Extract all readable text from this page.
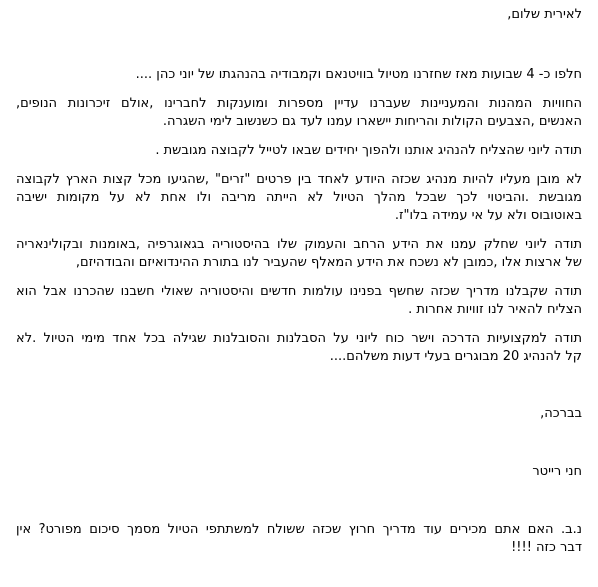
לאירית שלום,
חלפו כ- 4 שבועות מאז שחזרנו מטיול בוויטנאם וקמבודיה בהנהגתו של יוני כהן ....
החוויות המהנות והמעניינות שעברנו עדיין מספרות ומוענקות לחברינו ,אולם זיכרונות הנופים,
האנשים ,הצבעים הקולות והריחות יישארו עמנו לעד גם כשנשוב לימי השגרה.
תודה ליוני שהצליח להנהיג אותנו ולהפוך יחידים שבאו לטייל לקבוצה מגובשת .
לא מובן מעליו להיות מנהיג שכזה היודע לאחד בין פרטים "זרים" ,שהגיעו מכל קצות הארץ לקבוצה
מגובשת .והביטוי לכך שבכל מהלך הטיול לא הייתה מריבה ולו אחת לא על מקומות ישיבה
באוטובוס ולא על אי עמידה בלו"ז.
תודה ליוני שחלק עמנו את הידע הרחב והעמוק שלו בהיסטוריה בגאוגרפיה ,באומנות ובקולינאריה
של ארצות אלו ,כמובן לא נשכח את הידע המאלף שהעביר לנו בתורת ההינדואיזם והבודהיזם,
תודה שקבלנו מדריך שכזה שחשף בפנינו עולמות חדשים והיסטוריה שאולי חשבנו שהכרנו אבל הוא
הצליח להאיר לנו זוויות אחרות .
תודה למקצועיות הדרכה וישר כוח ליוני על הסבלנות והסובלנות שגילה בכל אחד מימי הטיול .לא
קל להנהיג 20 מבוגרים בעלי דעות משלהם....
בברכה,
חני רייטר
נ.ב. האם אתם מכירים עוד מדריך חרוץ שכזה ששולח למשתתפי הטיול מסמך סיכום מפורט? אין
דבר כזה !!!!
